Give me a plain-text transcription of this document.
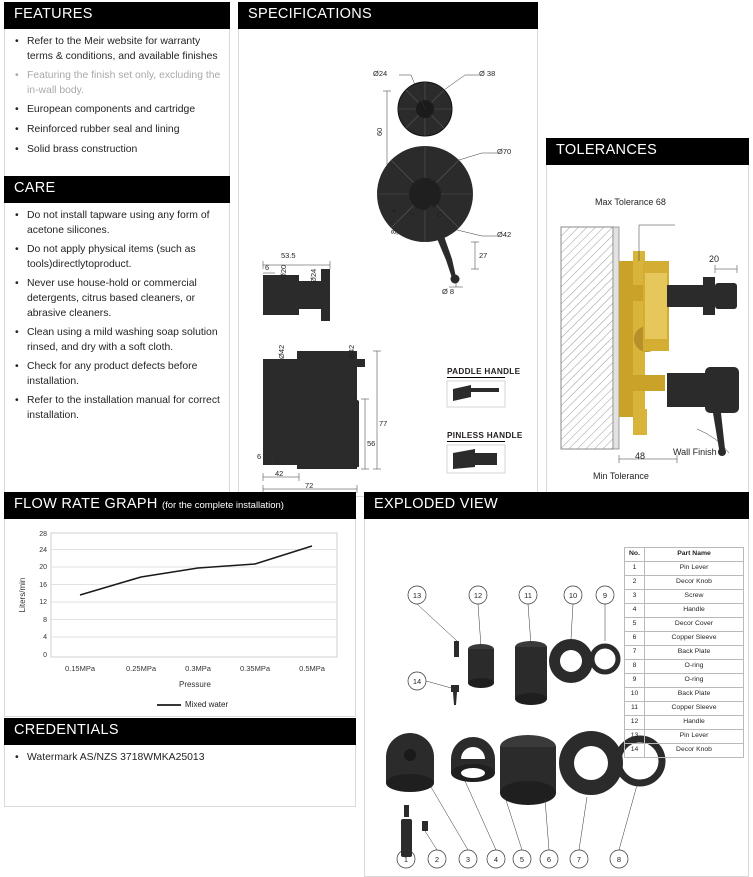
FEATURES
• Refer to the Meir website for warranty terms & conditions, and available finishes
• Featuring the finish set only, excluding the in-wall body.
• European components and cartridge
• Reinforced rubber seal and lining
• Solid brass construction
CARE
• Do not install tapware using any form of acetone silicones.
• Do not apply physical items (such as tools)directlytoproduct.
• Never use house-hold or commercial detergents, citrus based cleaners, or abrasive cleaners.
• Clean using a mild washing soap solution rinsed, and dry with a soft cloth.
• Check for any product defects before installation.
• Refer to the installation manual for correct installation.
SPECIFICATIONS
Ø24	Ø 38
Ø70
Ø42
Ø 8
60
4
8
27
H	C
53.5
6 Ø20	Ø24
Ø42	Ø42
42
72
77
56
6
PADDLE HANDLE
PINLESS HANDLE
TOLERANCES
Max Tolerance 68
20
Wall Finish
48
Min Tolerance
FLOW RATE GRAPH (for the complete installation)
28
24
20
16
12
8
4
0
0.15MPa	0.25MPa	0.3MPa	0.35MPa	0.5MPa
Pressure
Liters/min
Mixed water
CREDENTIALS
• Watermark AS/NZS 3718WMKA25013
EXPLODED VIEW
13	12	11	10	9
14
1	2	3	4	5	6	7	8
No.	Part Name
1	Pin Lever
2	Decor Knob
3	Screw
4	Handle
5	Decor Cover
6	Copper Sleeve
7	Back Plate
8	O-ring
9	O-ring
10	Back Plate
11	Copper Sleeve
12	Handle
13	Pin Lever
14	Decor Knob
